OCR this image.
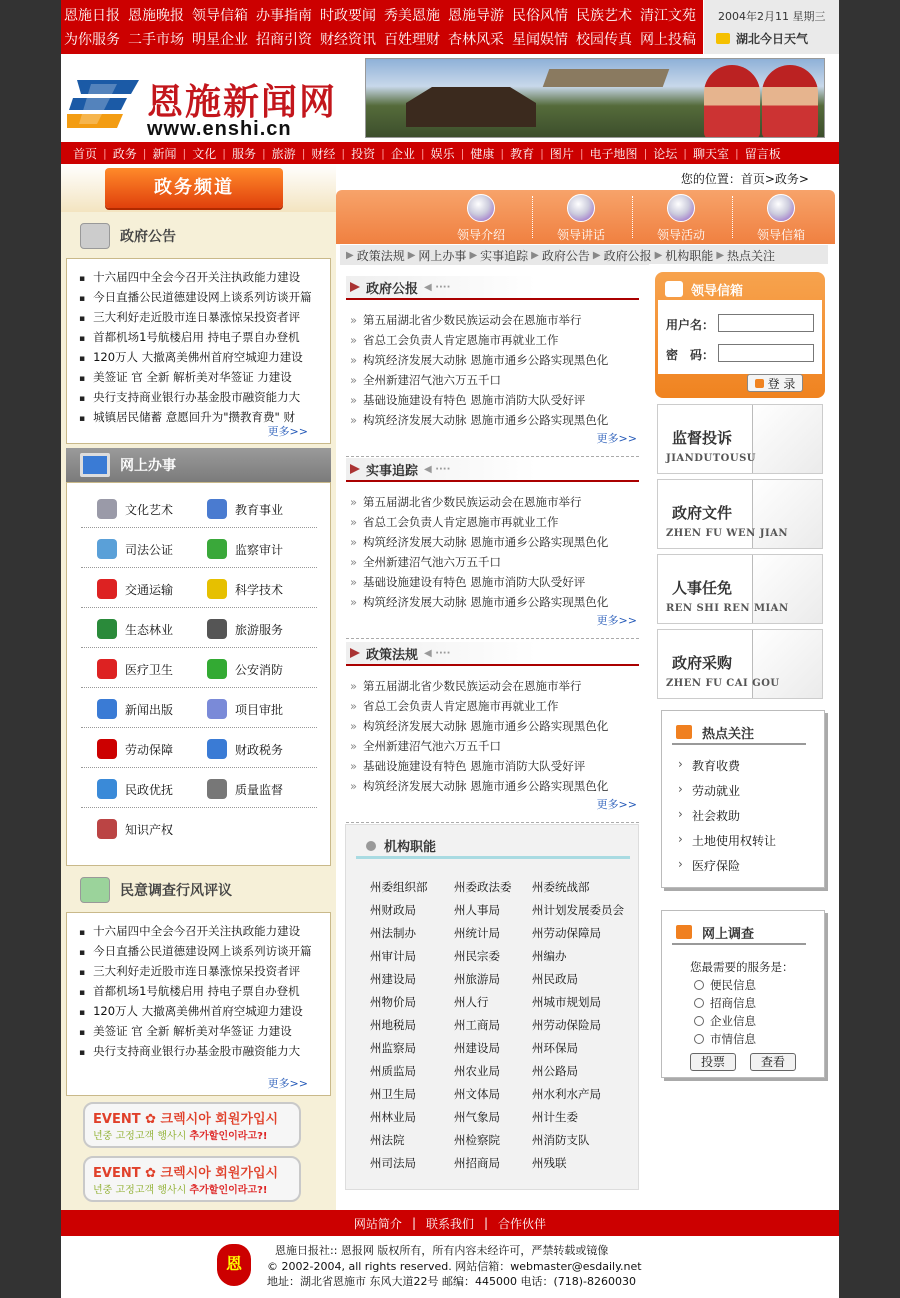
恩施日报 恩施晚报 领导信箱 办事指南 时政要闻 秀美恩施 恩施导游 民俗风情 民族艺术 清江文苑
为你服务 二手市场 明星企业 招商引资 财经资讯 百姓理财 杏林风采 星闻娱情 校园传真 网上投稿
2004年2月11 星期三
湖北今日天气
恩施新闻网
www.enshi.cn
首页 | 政务 | 新闻 | 文化 | 服务 | 旅游 | 财经 | 投资 | 企业 | 娱乐 | 健康 | 教育 | 图片 | 电子地图 | 论坛 | 聊天室 | 留言板
政务频道
政府公告
▪ 十六届四中全会今召开关注执政能力建设
▪ 今日直播公民道德建设网上谈系列访谈开篇
▪ 三大利好走近股市连日暴涨惊呆投资者评
▪ 首都机场1号航楼启用 持电子票自办登机
▪ 120万人 大撤离美佛州首府空城迎力建设
▪ 美签证 官 全新 解析美对华签证 力建设
▪ 央行支持商业银行办基金股市融资能力大
▪ 城镇居民储蓄 意愿回升为"攒教育费" 财
更多>>
网上办事
文化艺术	教育事业
司法公证	监察审计
交通运输	科学技术
生态林业	旅游服务
医疗卫生	公安消防
新闻出版	项目审批
劳动保障	财政税务
民政优抚	质量监督
知识产权
民意调查行风评议
▪ 十六届四中全会今召开关注执政能力建设
▪ 今日直播公民道德建设网上谈系列访谈开篇
▪ 三大利好走近股市连日暴涨惊呆投资者评
▪ 首都机场1号航楼启用 持电子票自办登机
▪ 120万人 大撤离美佛州首府空城迎力建设
▪ 美签证 官 全新 解析美对华签证 力建设
▪ 央行支持商业银行办基金股市融资能力大
更多>>
EVENT ✿ 크렉시아 회원가입시
년중 고정고객 행사시 추가할인이라고?!
EVENT ✿ 크렉시아 회원가입시
년중 고정고객 행사시 추가할인이라고?!
您的位置：首页>政务>
领导介绍	领导讲话	领导活动	领导信箱
▶ 政策法规 ▶ 网上办事 ▶ 实事追踪 ▶ 政府公告 ▶ 政府公报 ▶ 机构职能 ▶ 热点关注
政府公报 ◀ ····
» 第五届湖北省少数民族运动会在恩施市举行
» 省总工会负责人肯定恩施市再就业工作
» 构筑经济发展大动脉 恩施市通乡公路实现黑色化
» 全州新建沼气池六万五千口
» 基础设施建设有特色 恩施市消防大队受好评
» 构筑经济发展大动脉 恩施市通乡公路实现黑色化
更多>>
实事追踪 ◀ ····
» 第五届湖北省少数民族运动会在恩施市举行
» 省总工会负责人肯定恩施市再就业工作
» 构筑经济发展大动脉 恩施市通乡公路实现黑色化
» 全州新建沼气池六万五千口
» 基础设施建设有特色 恩施市消防大队受好评
» 构筑经济发展大动脉 恩施市通乡公路实现黑色化
更多>>
政策法规 ◀ ····
» 第五届湖北省少数民族运动会在恩施市举行
» 省总工会负责人肯定恩施市再就业工作
» 构筑经济发展大动脉 恩施市通乡公路实现黑色化
» 全州新建沼气池六万五千口
» 基础设施建设有特色 恩施市消防大队受好评
» 构筑经济发展大动脉 恩施市通乡公路实现黑色化
更多>>
机构职能
州委组织部 州委政法委 州委统战部
州财政局	州人事局	州计划发展委员会
州法制办	州统计局	州劳动保障局
州审计局	州民宗委	州编办
州建设局	州旅游局	州民政局
州物价局	州人行	州城市规划局
州地税局	州工商局	州劳动保险局
州监察局	州建设局	州环保局
州质监局	州农业局	州公路局
州卫生局	州文体局	州水利水产局
州林业局	州气象局	州计生委
州法院	州检察院	州消防支队
州司法局	州招商局	州残联
领导信箱
用户名：
密　码：
登 录
监督投诉
JIANDUTOUSU
政府文件
ZHEN FU WEN JIAN
人事任免
REN SHI REN MIAN
政府采购
ZHEN FU CAI GOU
热点关注
› 教育收费
› 劳动就业
› 社会救助
› 土地使用权转让
› 医疗保险
网上调查
您最需要的服务是：
便民信息
招商信息
企业信息
市情信息
投票	查看
网站简介 | 联系我们 | 合作伙伴
恩
恩施日报社:: 恩报网 版权所有，所有内容未经许可，严禁转载或镜像
© 2002-2004, all rights reserved. 网站信箱：webmaster@esdaily.net
地址：湖北省恩施市 东风大道22号 邮编：445000 电话：(718)-8260030
